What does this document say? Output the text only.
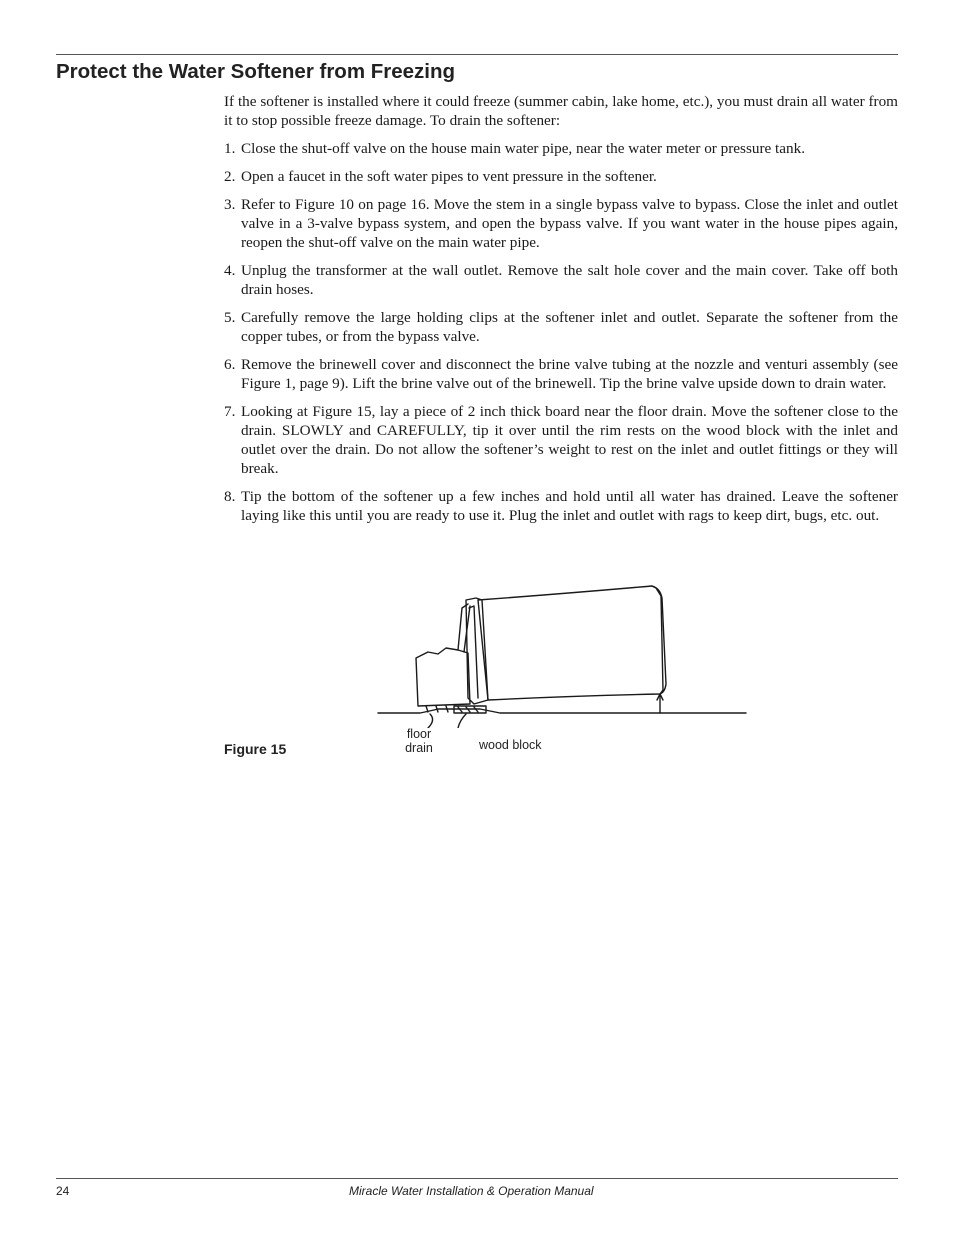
Protect the Water Softener from Freezing

If the softener is installed where it could freeze (summer cabin, lake home, etc.), you must drain all water from it to stop possible freeze damage. To drain the softener:

1. Close the shut-off valve on the house main water pipe, near the water meter or pressure tank.
2. Open a faucet in the soft water pipes to vent pressure in the softener.
3. Refer to Figure 10 on page 16. Move the stem in a single bypass valve to bypass. Close the inlet and outlet valve in a 3-valve bypass system, and open the bypass valve. If you want water in the house pipes again, reopen the shut-off valve on the main water pipe.
4. Unplug the transformer at the wall outlet. Remove the salt hole cover and the main cover. Take off both drain hoses.
5. Carefully remove the large holding clips at the softener inlet and outlet. Separate the softener from the copper tubes, or from the bypass valve.
6. Remove the brinewell cover and disconnect the brine valve tubing at the nozzle and venturi assembly (see Figure 1, page 9). Lift the brine valve out of the brinewell. Tip the brine valve upside down to drain water.
7. Looking at Figure 15, lay a piece of 2 inch thick board near the floor drain. Move the softener close to the drain. SLOWLY and CAREFULLY, tip it over until the rim rests on the wood block with the inlet and outlet over the drain. Do not allow the softener’s weight to rest on the inlet and outlet fittings or they will break.
8. Tip the bottom of the softener up a few inches and hold until all water has drained. Leave the softener laying like this until you are ready to use it. Plug the inlet and outlet with rags to keep dirt, bugs, etc. out.
floor
drain	wood block
Figure 15
24	Miracle Water Installation & Operation Manual
